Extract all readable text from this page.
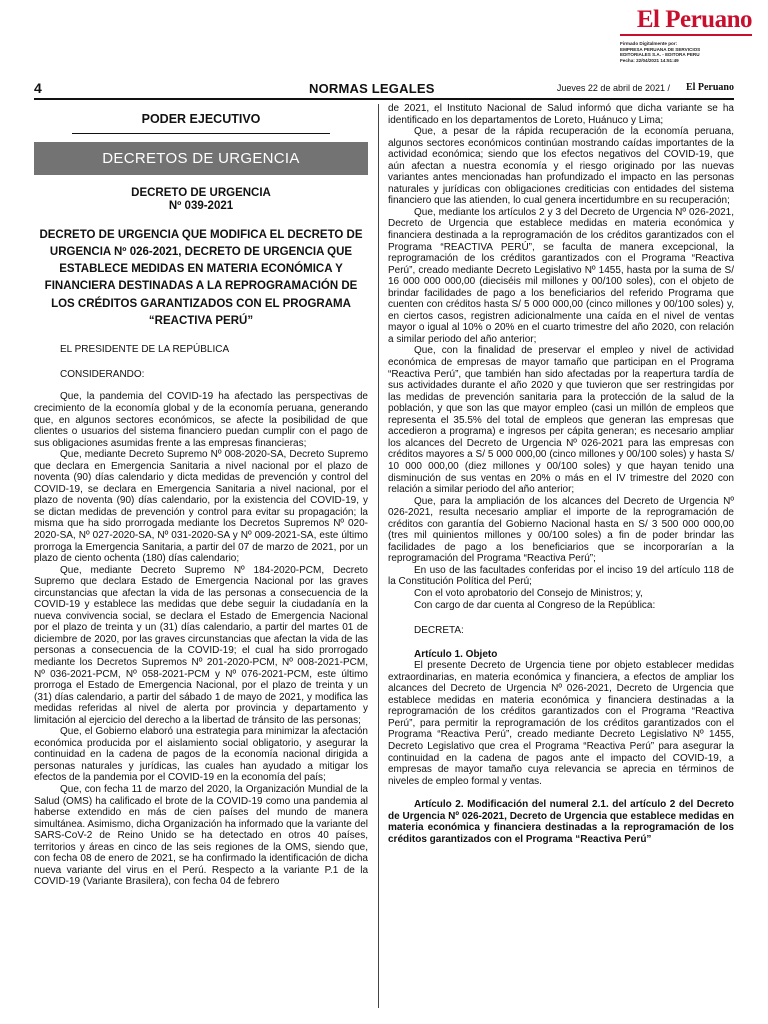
El Peruano
Firmado Digitalmente por:
EMPRESA PERUANA DE SERVICIOS
EDITORIALES S.A. - EDITORA PERU
Fecha: 22/04/2021 14:51:49
4	NORMAS LEGALES	Jueves 22 de abril de 2021 / El Peruano
PODER EJECUTIVO
DECRETOS DE URGENCIA
DECRETO DE URGENCIA
Nº 039-2021
DECRETO DE URGENCIA QUE MODIFICA EL DECRETO DE URGENCIA Nº 026-2021, DECRETO DE URGENCIA QUE ESTABLECE MEDIDAS EN MATERIA ECONÓMICA Y FINANCIERA DESTINADAS A LA REPROGRAMACIÓN DE LOS CRÉDITOS GARANTIZADOS CON EL PROGRAMA “REACTIVA PERÚ”

EL PRESIDENTE DE LA REPÚBLICA

CONSIDERANDO:

Que, la pandemia del COVID-19 ha afectado las perspectivas de crecimiento de la economía global y de la economía peruana, generando que, en algunos sectores económicos, se afecte la posibilidad de que clientes o usuarios del sistema financiero puedan cumplir con el pago de sus obligaciones asumidas frente a las empresas financieras;

Que, mediante Decreto Supremo Nº 008-2020-SA, Decreto Supremo que declara en Emergencia Sanitaria a nivel nacional por el plazo de noventa (90) días calendario y dicta medidas de prevención y control del COVID-19, se declara en Emergencia Sanitaria a nivel nacional, por el plazo de noventa (90) días calendario, por la existencia del COVID-19, y se dictan medidas de prevención y control para evitar su propagación; la misma que ha sido prorrogada mediante los Decretos Supremos Nº 020-2020-SA, Nº 027-2020-SA, Nº 031-2020-SA y Nº 009-2021-SA, este último prorroga la Emergencia Sanitaria, a partir del 07 de marzo de 2021, por un plazo de ciento ochenta (180) días calendario;

Que, mediante Decreto Supremo Nº 184-2020-PCM, Decreto Supremo que declara Estado de Emergencia Nacional por las graves circunstancias que afectan la vida de las personas a consecuencia de la COVID-19 y establece las medidas que debe seguir la ciudadanía en la nueva convivencia social, se declara el Estado de Emergencia Nacional por el plazo de treinta y un (31) días calendario, a partir del martes 01 de diciembre de 2020, por las graves circunstancias que afectan la vida de las personas a consecuencia de la COVID-19; el cual ha sido prorrogado mediante los Decretos Supremos Nº 201-2020-PCM, Nº 008-2021-PCM, Nº 036-2021-PCM, Nº 058-2021-PCM y Nº 076-2021-PCM, este último prorroga el Estado de Emergencia Nacional, por el plazo de treinta y un (31) días calendario, a partir del sábado 1 de mayo de 2021, y modifica las medidas referidas al nivel de alerta por provincia y departamento y limitación al ejercicio del derecho a la libertad de tránsito de las personas;

Que, el Gobierno elaboró una estrategia para minimizar la afectación económica producida por el aislamiento social obligatorio, y asegurar la continuidad en la cadena de pagos de la economía nacional dirigida a personas naturales y jurídicas, las cuales han ayudado a mitigar los efectos de la pandemia por el COVID-19 en la economía del país;

Que, con fecha 11 de marzo del 2020, la Organización Mundial de la Salud (OMS) ha calificado el brote de la COVID-19 como una pandemia al haberse extendido en más de cien países del mundo de manera simultánea. Asimismo, dicha Organización ha informado que la variante del SARS-CoV-2 de Reino Unido se ha detectado en otros 40 países, territorios y áreas en cinco de las seis regiones de la OMS, siendo que, con fecha 08 de enero de 2021, se ha confirmado la identificación de dicha nueva variante del virus en el Perú. Respecto a la variante P.1 de la COVID-19 (Variante Brasilera), con fecha 04 de febrero

de 2021, el Instituto Nacional de Salud informó que dicha variante se ha identificado en los departamentos de Loreto, Huánuco y Lima;

Que, a pesar de la rápida recuperación de la economía peruana, algunos sectores económicos continúan mostrando caídas importantes de la actividad económica; siendo que los efectos negativos del COVID-19, que aún afectan a nuestra economía y el riesgo originado por las nuevas variantes antes mencionadas han profundizado el impacto en las personas naturales y jurídicas con obligaciones crediticias con entidades del sistema financiero que las atienden, lo cual genera incertidumbre en su recuperación;

Que, mediante los artículos 2 y 3 del Decreto de Urgencia Nº 026-2021, Decreto de Urgencia que establece medidas en materia económica y financiera destinada a la reprogramación de los créditos garantizados con el Programa “REACTIVA PERÚ”, se faculta de manera excepcional, la reprogramación de los créditos garantizados con el Programa “Reactiva Perú”, creado mediante Decreto Legislativo Nº 1455, hasta por la suma de S/ 16 000 000 000,00 (dieciséis mil millones y 00/100 soles), con el objeto de brindar facilidades de pago a los beneficiarios del referido Programa que cuenten con créditos hasta S/ 5 000 000,00 (cinco millones y 00/100 soles) y, en ciertos casos, registren adicionalmente una caída en el nivel de ventas mayor o igual al 10% o 20% en el cuarto trimestre del año 2020, con relación a similar periodo del año anterior;

Que, con la finalidad de preservar el empleo y nivel de actividad económica de empresas de mayor tamaño que participan en el Programa “Reactiva Perú”, que también han sido afectadas por la reapertura tardía de sus actividades durante el año 2020 y que tuvieron que ser restringidas por las medidas de prevención sanitaria para la protección de la salud de la población, y que son las que mayor empleo (casi un millón de empleos que representa el 35.5% del total de empleos que generan las empresas que accedieron a programa) e ingresos per cápita generan; es necesario ampliar los alcances del Decreto de Urgencia Nº 026-2021 para las empresas con créditos mayores a S/ 5 000 000,00 (cinco millones y 00/100 soles) y hasta S/ 10 000 000,00 (diez millones y 00/100 soles) y que hayan tenido una disminución de sus ventas en 20% o más en el IV trimestre del 2020 con relación a similar periodo del año anterior;

Que, para la ampliación de los alcances del Decreto de Urgencia Nº 026-2021, resulta necesario ampliar el importe de la reprogramación de créditos con garantía del Gobierno Nacional hasta en S/ 3 500 000 000,00 (tres mil quinientos millones y 00/100 soles) a fin de poder brindar las facilidades de pago a los beneficiarios que se incorporarían a la reprogramación del Programa “Reactiva Perú”;

En uso de las facultades conferidas por el inciso 19 del artículo 118 de la Constitución Política del Perú;

Con el voto aprobatorio del Consejo de Ministros; y,

Con cargo de dar cuenta al Congreso de la República:

DECRETA:

Artículo 1. Objeto

El presente Decreto de Urgencia tiene por objeto establecer medidas extraordinarias, en materia económica y financiera, a efectos de ampliar los alcances del Decreto de Urgencia Nº 026-2021, Decreto de Urgencia que establece medidas en materia económica y financiera destinadas a la reprogramación de los créditos garantizados con el Programa “Reactiva Perú”, para permitir la reprogramación de los créditos garantizados con el Programa “Reactiva Perú”, creado mediante Decreto Legislativo Nº 1455, Decreto Legislativo que crea el Programa “Reactiva Perú” para asegurar la continuidad en la cadena de pagos ante el impacto del COVID-19, a empresas de mayor tamaño cuya relevancia se aprecia en términos de niveles de empleo formal y ventas.

Artículo 2. Modificación del numeral 2.1. del artículo 2 del Decreto de Urgencia Nº 026-2021, Decreto de Urgencia que establece medidas en materia económica y financiera destinadas a la reprogramación de los créditos garantizados con el Programa “Reactiva Perú”
